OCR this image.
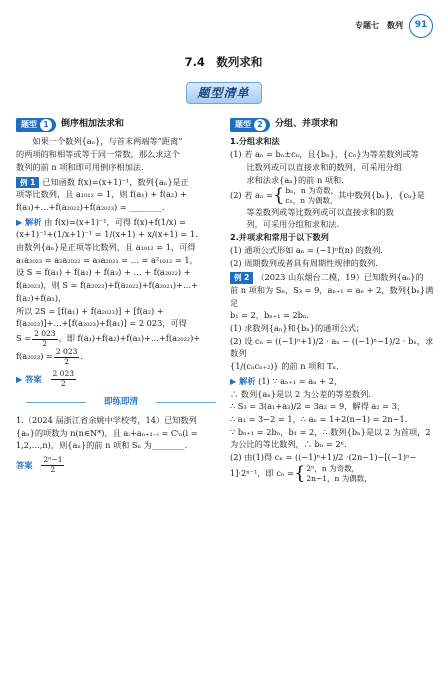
专题七　数列	91
7.4　数列求和
题型清单
题型 1	倒序相加法求和

如果一个数列{aₙ}，与首末两端等“距离”

的两项的和相等或等于同一常数，那么求这个

数列的前 n 项和即可用倒序相加法.

例 1 已知函数 f(x)=(x+1)⁻¹，数列{aₙ}是正

项等比数列，且 a₁₀₁₂ = 1，则 f(a₁) + f(a₂) +

f(a₃)+…+f(a₂₀₂₂)+f(a₂₀₂₃) = ________.

▶ 解析 由 f(x)=(x+1)⁻¹，可得 f(x)+f(1/x) =

(x+1)⁻¹+(1/x+1)⁻¹ = 1/(x+1) + x/(x+1) = 1.

由数列{aₙ}是正项等比数列，且 a₁₀₁₂ = 1，可得

a₁a₂₀₂₃ = a₂a₂₀₂₂ = a₃a₂₀₂₁ = … = a²₁₀₁₂ = 1，

设 S = f(a₁) + f(a₂) + f(a₃) + … + f(a₂₀₂₂) +

f(a₂₀₂₃)，则 S = f(a₂₀₂₃)+f(a₂₀₂₂)+f(a₂₀₂₁)+…+

f(a₂)+f(a₁)，

所以 2S = [f(a₁) + f(a₂₀₂₃)] + [f(a₂) +

f(a₂₀₂₂)]+…+[f(a₂₀₂₃)+f(a₁)] = 2 023，可得

$S = \frac{2 023}{2}$ ，即 f(a₁)+f(a₂)+f(a₃)+…+f(a₂₀₂₂)+

$f(a_{2023}) = \frac{2 023}{2}$ .

▶ 答案 $\frac{2 023}{2}$
即练即清

1.（2024 届浙江省余姚中学校考，14）已知数列

{aₙ}的项数为 n(n∈N*)，且 aᵢ+aₙ₊₁₋ᵢ = Cⁱₙ(i =

1,2,…,n)，则{aₙ}的前 n 项和 Sₙ 为________.

答案 $\frac{\text{2ⁿ−1}}{2}$
题型 2	分组、并项求和

1.分组求和法

(1) 若 aₙ = bₙ±cₙ，且{bₙ}，{cₙ}为等差数列或等

比数列或可以直接求和的数列，可采用分组

求和法求{aₙ}的前 n 项和.

(2) 若 aₙ = { bₙ，n 为奇数，
cₙ，n 为偶数，
其中数列{bₙ}，{cₙ}是

等差数列或等比数列或可以直接求和的数

列，可采用分组和求和法.

2.并项求和常用于以下数列

(1) 通项公式形如 aₙ = (−1)ⁿf(n) 的数列.

(2) 周期数列或者具有周期性规律的数列.

例 2 （2023 山东烟台二模，19）已知数列{aₙ}的

前 n 项和为 Sₙ，S₃ = 9，aₙ₊₁ = aₙ + 2，数列{bₙ}满足

b₁ = 2，bₙ₊₁ = 2bₙ.

(1) 求数列{aₙ}和{bₙ}的通项公式；

(2) 设 cₙ = ((−1)ⁿ+1)/2 · aₙ − ((−1)ⁿ−1)/2 · bₙ，求数列

{1/(cₙcₙ₊₂)} 的前 n 项和 Tₙ.

▶ 解析 (1) ∵ aₙ₊₁ = aₙ + 2，

∴ 数列{aₙ}是以 2 为公差的等差数列.

∴ S₃ = 3(a₁+a₃)/2 = 3a₂ = 9，解得 a₂ = 3，

∴ a₁ = 3−2 = 1，∴ aₙ = 1+2(n−1) = 2n−1.

∵ bₙ₊₁ = 2bₙ，b₁ = 2，∴ 数列{bₙ}是以 2 为首项，2

为公比的等比数列，∴ bₙ = 2ⁿ.

(2) 由(1)得 cₙ = ((−1)ⁿ+1)/2 ·(2n−1)−[(−1)ⁿ−

1]·2ⁿ⁻¹，即 cₙ = { 2ⁿ，n 为奇数，
2n−1，n 为偶数，
